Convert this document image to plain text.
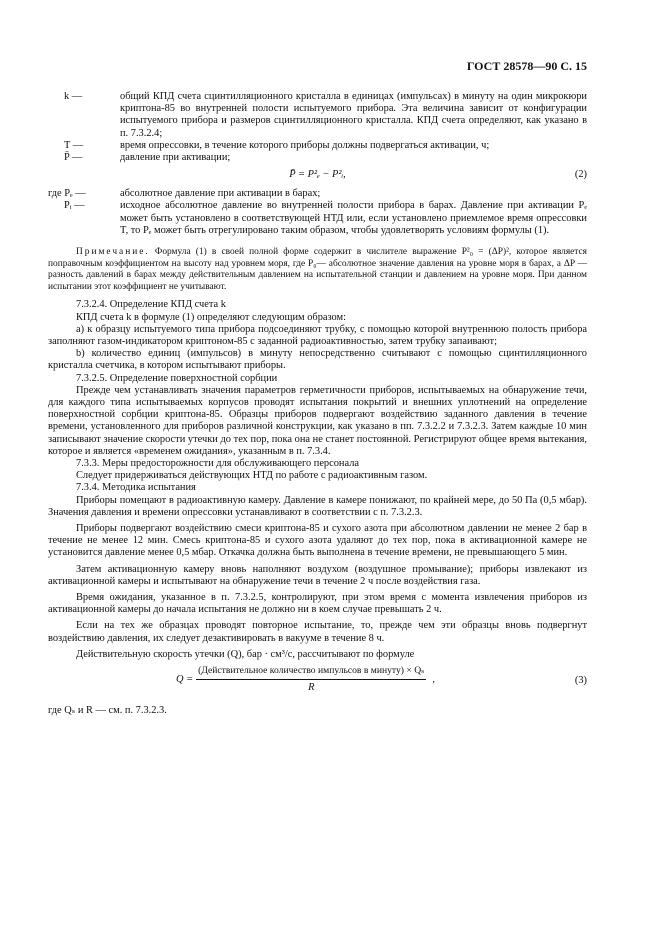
ГОСТ 28578—90 С. 15
k —	общий КПД счета сцинтилляционного кристалла в единицах (импульсах) в минуту на один микрокюри криптона-85 во внутренней полости испытуемого прибора. Эта величина зависит от конфигурации испытуемого прибора и размеров сцинтилляционного кристалла. КПД счета определяют, как указано в п. 7.3.2.4;
T —	время опрессовки, в течение которого приборы должны подвергаться активации, ч;
P̄ —	давление при активации;
P̄ = P²ₑ − P²ᵢ,	(2)
где Pₑ —	абсолютное давление при активации в барах;
Pᵢ —	исходное абсолютное давление во внутренней полости прибора в барах. Давление при активации Pₑ может быть установлено в соответствующей НТД или, если установлено приемлемое время опрессовки T, то Pₑ может быть отрегулировано таким образом, чтобы удовлетворять условиям формулы (1).

Примечание. Формула (1) в своей полной форме содержит в числителе выражение P²₀ = (ΔP)², которое является поправочным коэффициентом на высоту над уровнем моря, где P₀— абсолютное значение давления на уровне моря в барах, а ΔP — разность давлений в барах между действительным давлением на испытательной станции и давлением на уровне моря. При данном испытании этот коэффициент не учитывают.

7.3.2.4. Определение КПД счета k

КПД счета k в формуле (1) определяют следующим образом:

а) к образцу испытуемого типа прибора подсоединяют трубку, с помощью которой внутреннюю полость прибора заполняют газом-индикатором криптоном-85 с заданной радиоактивностью, затем трубку запаивают;

b) количество единиц (импульсов) в минуту непосредственно считывают с помощью сцинтилляционного кристалла счетчика, в котором испытывают приборы.

7.3.2.5. Определение поверхностной сорбции

Прежде чем устанавливать значения параметров герметичности приборов, испытываемых на обнаружение течи, для каждого типа испытываемых корпусов проводят испытания покрытий и внешних уплотнений на определение поверхностной сорбции криптона-85. Образцы приборов подвергают воздействию заданного давления в течение времени, установленного для приборов различной конструкции, как указано в пп. 7.3.2.2 и 7.3.2.3. Затем каждые 10 мин записывают значение скорости утечки до тех пор, пока она не станет постоянной. Регистрируют общее время вытекания, которое и является «временем ожидания», указанным в п. 7.3.4.

7.3.3. Меры предосторожности для обслуживающего персонала

Следует придерживаться действующих НТД по работе с радиоактивным газом.

7.3.4. Методика испытания

Приборы помещают в радиоактивную камеру. Давление в камере понижают, по крайней мере, до 50 Па (0,5 мбар). Значения давления и времени опрессовки устанавливают в соответствии с п. 7.3.2.3.

Приборы подвергают воздействию смеси криптона-85 и сухого азота при абсолютном давлении не менее 2 бар в течение не менее 12 мин. Смесь криптона-85 и сухого азота удаляют до тех пор, пока в активационной камере не установится давление менее 0,5 мбар. Откачка должна быть выполнена в течение времени, не превышающего 5 мин.

Затем активационную камеру вновь наполняют воздухом (воздушное промывание); приборы извлекают из активационной камеры и испытывают на обнаружение течи в течение 2 ч после воздействия газа.

Время ожидания, указанное в п. 7.3.2.5, контролируют, при этом время с момента извлечения приборов из активационной камеры до начала испытания не должно ни в коем случае превышать 2 ч.

Если на тех же образцах проводят повторное испытание, то, прежде чем эти образцы вновь подвергнут воздействию давления, их следует дезактивировать в вакууме в течение 8 ч.

Действительную скорость утечки (Q), бар · см³/с, рассчитывают по формуле

$Q = \frac{\text{(Действительное количество импульсов в минуту) × Qₛ}}{R}$ ,	(3)

где Qₛ и R — см. п. 7.3.2.3.
